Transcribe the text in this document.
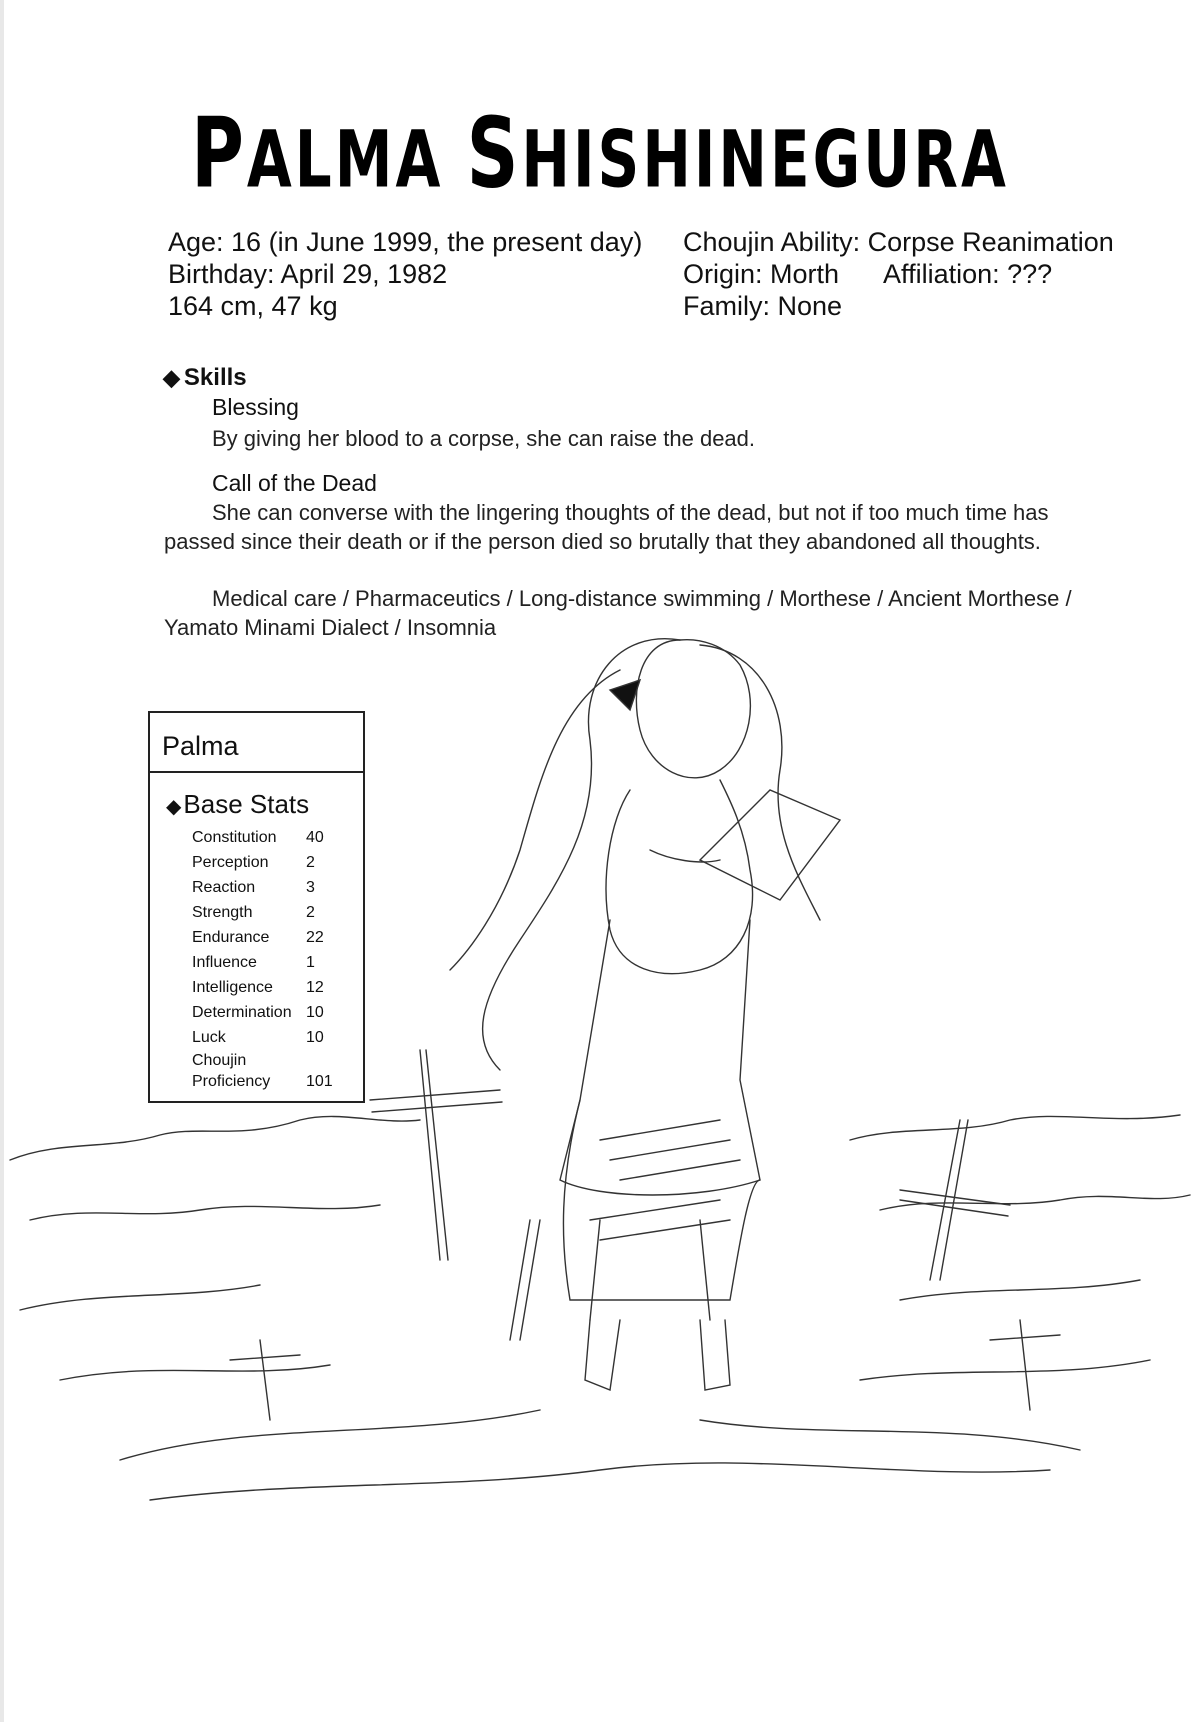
PALMA SHISHINEGURA
Age: 16 (in June 1999, the present day)
Birthday: April 29, 1982
164 cm, 47 kg
Choujin Ability: Corpse Reanimation
Origin: Morth Affiliation: ???
Family: None
◆ Skills
Blessing
By giving her blood to a corpse, she can raise the dead.
Call of the Dead
She can converse with the lingering thoughts of the dead, but not if too much time has passed since their death or if the person died so brutally that they abandoned all thoughts.
Medical care / Pharmaceutics / Long-distance swimming / Morthese / Ancient Morthese / Yamato Minami Dialect / Insomnia
Palma
◆Base Stats
Constitution 40
Perception 2
Reaction	3
Strength	2
Endurance 22
Influence	1
Intelligence 12
Determination 10
Luck	10
Choujin Proficiency	101
